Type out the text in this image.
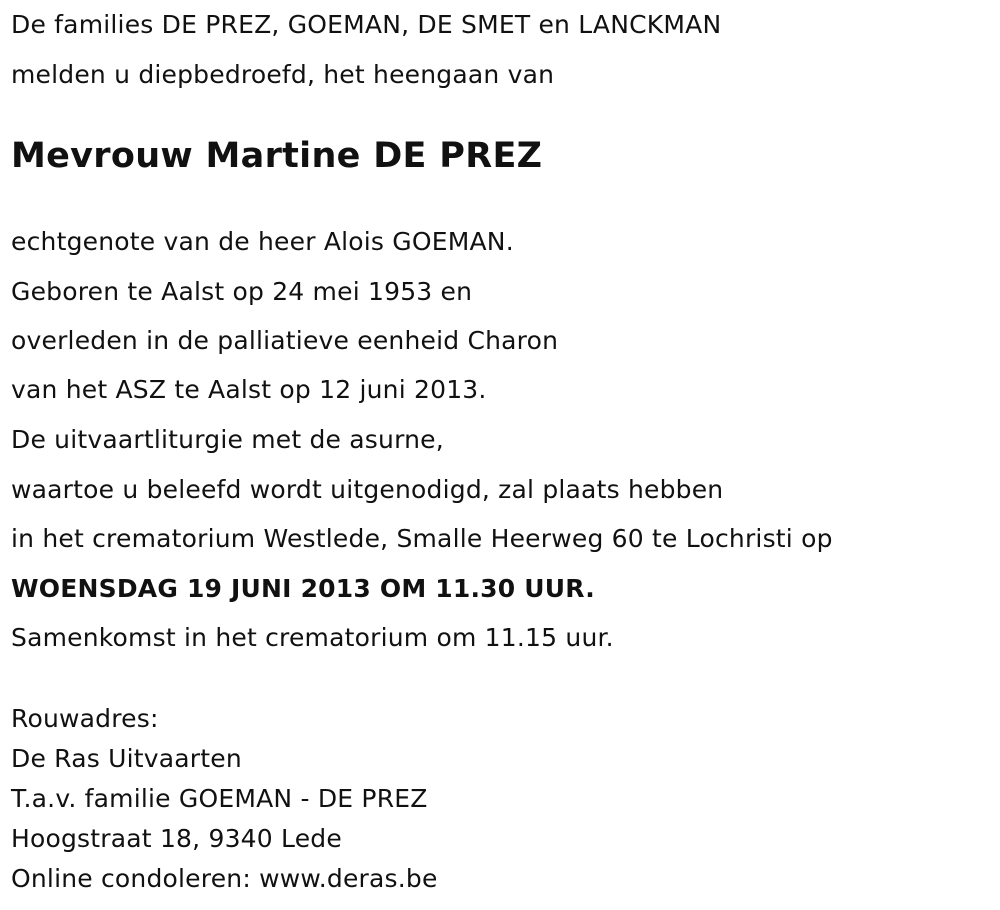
De families DE PREZ, GOEMAN, DE SMET en LANCKMAN
melden u diepbedroefd, het heengaan van
Mevrouw Martine DE PREZ
echtgenote van de heer Alois GOEMAN.
Geboren te Aalst op 24 mei 1953 en
overleden in de palliatieve eenheid Charon
van het ASZ te Aalst op 12 juni 2013.
De uitvaartliturgie met de asurne,
waartoe u beleefd wordt uitgenodigd, zal plaats hebben
in het crematorium Westlede, Smalle Heerweg 60 te Lochristi op
WOENSDAG 19 JUNI 2013 OM 11.30 UUR.
Samenkomst in het crematorium om 11.15 uur.
Rouwadres:
De Ras Uitvaarten
T.a.v. familie GOEMAN - DE PREZ
Hoogstraat 18, 9340 Lede
Online condoleren: www.deras.be
